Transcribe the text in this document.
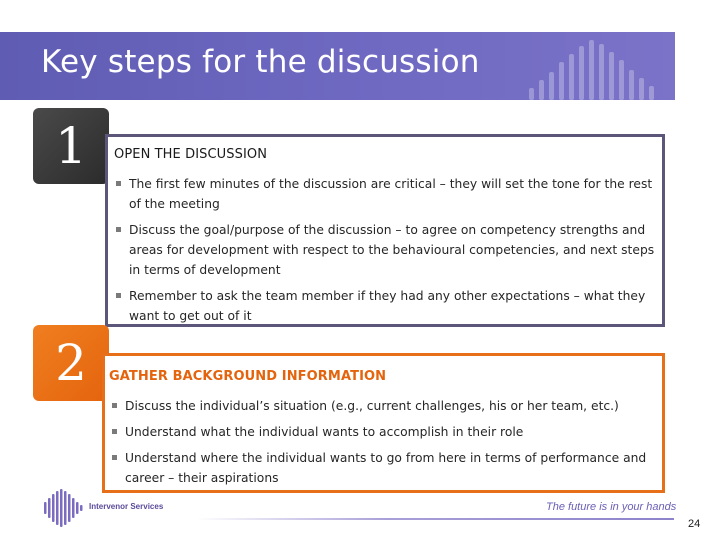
Key steps for the discussion
1	OPEN THE DISCUSSION
The first few minutes of the discussion are critical – they will set the tone for the rest of the meeting
Discuss the goal/purpose of the discussion – to agree on competency strengths and areas for development with respect to the behavioural competencies, and next steps in terms of development
Remember to ask the team member if they had any other expectations – what they want to get out of it
2	GATHER BACKGROUND INFORMATION
Discuss the individual’s situation (e.g., current challenges, his or her team, etc.)
Understand what the individual wants to accomplish in their role
Understand where the individual wants to go from here in terms of performance and career – their aspirations
Intervenor Services	The future is in your hands
24
